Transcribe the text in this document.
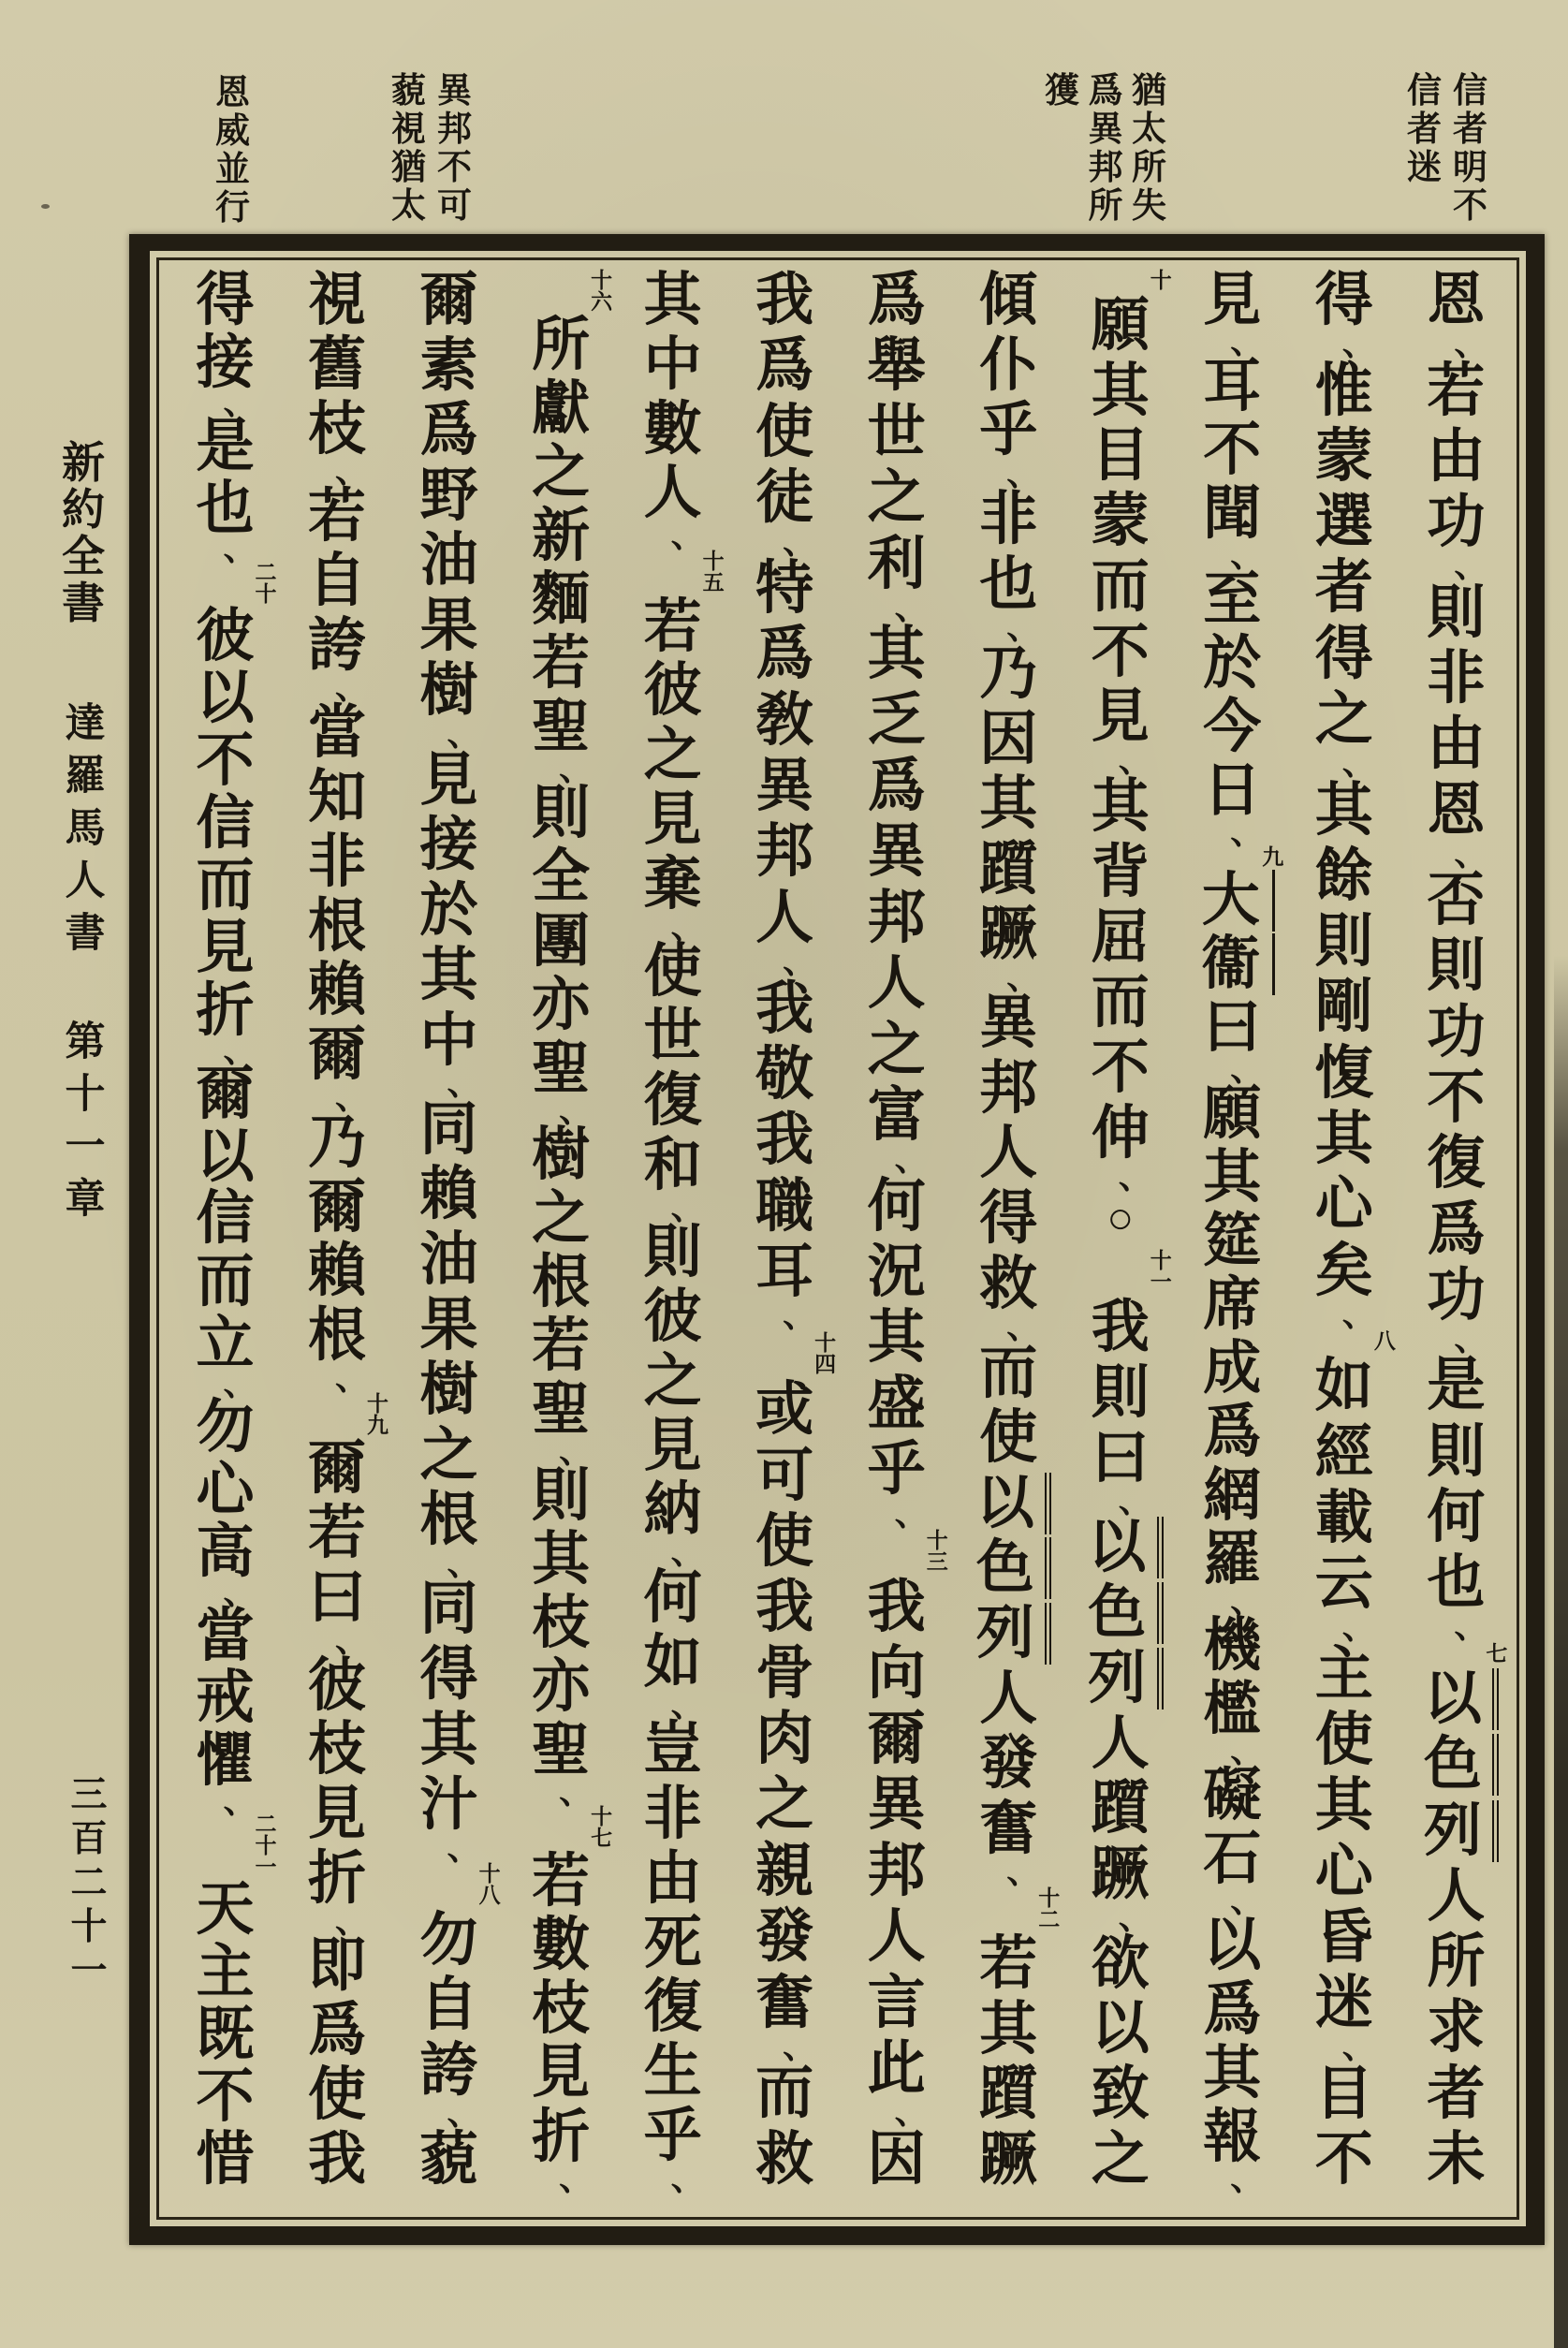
信
者
明
不
信
者
迷
猶
太
所
失
爲
異
邦
所
獲
異
邦
不
可
藐
視
猶
太
恩
威
並
行
新
約
全
書
達
羅
馬
人
書
第
十
一
章
三
百
二
十
一
恩
、
若
由
功
、
則
非
由
恩
、
否
則
功
不
復
爲
功
、
是
則
何
也
、
七
以
色
列
人
所
求
者
未
得
、
惟
蒙
選
者
得
之
、
其
餘
則
剛
愎
其
心
矣
、
八
如
經
載
云
、
主
使
其
心
昏
迷
、
目
不
見
、
耳
不
聞
、
至
於
今
日
、
九
大
衞
曰
、
願
其
筵
席
成
爲
網
羅
、
機
檻
、
礙
石
、
以
爲
其
報
、
十
願
其
目
蒙
而
不
見
、
其
背
屈
而
不
伸
、
○
十
一
我
則
曰
、
以
色
列
人
躓
蹶
、
欲
以
致
之
傾
仆
乎
、
非
也
、
乃
因
其
躓
蹶
、
異
邦
人
得
救
、
而
使
以
色
列
人
發
奮
、
十
二
若
其
躓
蹶
爲
舉
世
之
利
、
其
乏
爲
異
邦
人
之
富
、
何
況
其
盛
乎
、
十
三
我
向
爾
異
邦
人
言
此
、
因
我
爲
使
徒
、
特
爲
敎
異
邦
人
、
我
敬
我
職
耳
、
十
四
或
可
使
我
骨
肉
之
親
發
奮
、
而
救
其
中
數
人
、
十
五
若
彼
之
見
棄
、
使
世
復
和
、
則
彼
之
見
納
、
何
如
、
豈
非
由
死
復
生
乎
、
十
六
所
獻
之
新
麵
若
聖
、
則
全
團
亦
聖
、
樹
之
根
若
聖
、
則
其
枝
亦
聖
、
十
七
若
數
枝
見
折
、
爾
素
爲
野
油
果
樹
、
見
接
於
其
中
、
同
賴
油
果
樹
之
根
、
同
得
其
汁
、
十
八
勿
自
誇
、
藐
視
舊
枝
、
若
自
誇
、
當
知
非
根
賴
爾
、
乃
爾
賴
根
、
十
九
爾
若
曰
、
彼
枝
見
折
、
即
爲
使
我
得
接
、
是
也
、
二
十
彼
以
不
信
而
見
折
、
爾
以
信
而
立
、
勿
心
高
、
當
戒
懼
、
二
十
一
天
主
既
不
惜
